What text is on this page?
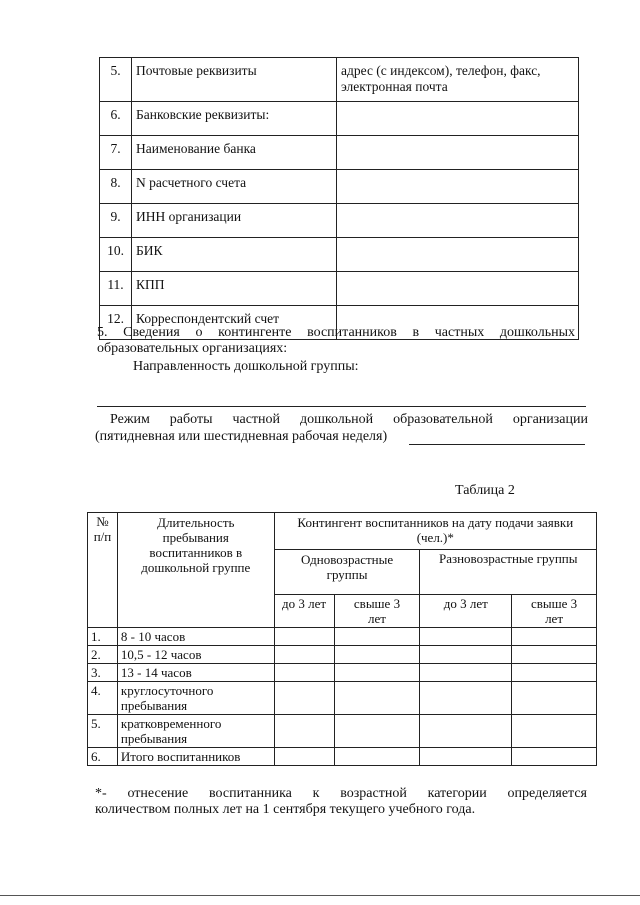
5.	Почтовые реквизиты	адрес (с индексом), телефон, факс, электронная почта
6.	Банковские реквизиты:	
7.	Наименование банка	
8.	N расчетного счета	
9.	ИНН организации	
10.	БИК	
11.	КПП	
12.	Корреспондентский счет	
5. Сведения о контингенте воспитанников в частных дошкольных
образовательных организациях:
Направленность дошкольной группы:
Режим работы частной дошкольной образовательной организации
(пятидневная или шестидневная рабочая неделя)
Таблица 2
№ п/п	Длительность пребывания воспитанников в дошкольной группе	Контингент воспитанников на дату подачи заявки (чел.)*			
		Одновозрастные группы		Разновозрастные группы	
		до 3 лет	свыше 3 лет	до 3 лет	свыше 3 лет
1.	8 - 10 часов				
2.	10,5 - 12 часов				
3.	13 - 14 часов				
4.	круглосуточного пребывания				
5.	кратковременного пребывания				
6.	Итого воспитанников				
*- отнесение воспитанника к возрастной категории определяется
количеством полных лет на 1 сентября текущего учебного года.
